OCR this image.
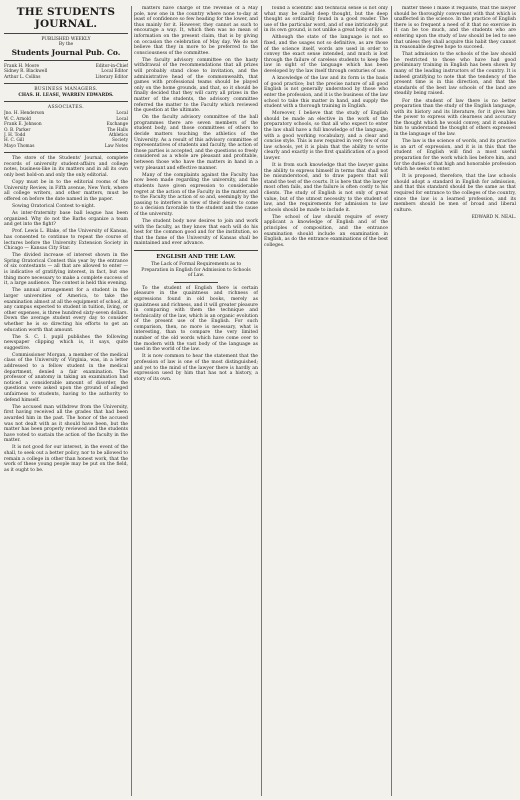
THE STUDENTS JOURNAL.
PUBLISHED WEEKLY
By the
Students Journal Pub. Co.
Frank H. Moore	Editor-in-Chief
Sidney R. Blackwell	Local Editor
Arthur L. Collins	Literary Editor
BUSINESS MANAGERS.
CHAS. H. LEASE, WARREN EDWARDS.
ASSOCIATES.
Jno. H. Henderson	Local
W. C. Arnold	Local
Frank E. Johnson	Exchange
O. B. Parker	The Halls
J. H. Todd	Athletics
H. C. Gill	Society
Mayo Thomas	Law Notes

The store of the Students' Journal, complete records of university student-affairs and college notes, business-like in its matters and in all its own only best hold-on and only the only editorial.

Copy must be in to the editorial rooms of the University Review, in Fifth avenue, New York, where all college writers, and other matters, must be offered on before the date named in the paper.

Sowing Oratorical Contest to-night.

As inter-fraternity base ball league has been organized. Why do not the Barbs organize a team and get into the fight?

Prof. Lewis L. Blake, of the University of Kansas, has consented to continue to repeat the course of lectures before the University Extension Society in Chicago — Kansas City Star.

The divided increase of interest shown in the Spring Oratorical Contest this year by the entrance of six contestants — all that are allowed to enter — is indicative of gratifying interest, in fact, but one thing more necessary to make a complete success of it, a large audience. The contest is held this evening.

The annual arrangement for a student in the larger universities of America, to take the examination almost at all the equipment of school, at any campus expected to student in tuition, living, or other expenses, is three hundred sixty-seven dollars. Down the average student every day to consider whether he is so directing his efforts to get an education worth that amount.

The S. C. I. pupil publishes the following newspaper clipping which is, it says, quite suggestive.

Commissioner Morgan, a member of the medical class of the University of Virginia, was, in a letter addressed to a fellow student in the medical department, denied a fair examination. The professor of anatomy in taking an examination had noticed a considerable amount of disorder, the questions were asked upon the ground of alleged unfairness to students, having to the authority to defend himself.

The accused man withdrew from the University, first having received all the grades that had been awarded him in the past. The honor of the accused was not dealt with as it should have been, but the matter has been properly reviewed and the students have voted to sustain the action of the faculty in the matter.

It is not good for our interest, in the event of the shall, to seek out a better policy, nor to be allowed to remain a college in other than honest work, that the work of these young people may be put on the field, as it ought to be.

matters have charge of the revenue of a May pole, now one in the country where none to-day at least of confidence so few heading for the lower, and thus mainly for it. However, they cannot as such to encourage a way. It, which then was no mean of information on the present claim, that is by giving on occasion the celebration of May day. We do not believe that they in more to be preferred to the consciousness of the committee.

The faculty advisory committee on the hasty withdrawal of the recommendations that all prizes will probably stand close to invitation, and the administrative head of the commonwealth, that games with professional teams should be played only on the home grounds, and that, so it should be finally decided that they will carry all prizes in the matter of the students, the advisory committee referred the matter to the Faculty which reviewed the question at the ultimate.

On the faculty advisory committee of the ball programmes there are seven members of the student body, and those committees of others to decide matters touching the athletics of the University. As a result of this advisory committee of representatives of students and faculty, the action of those parties is accepted, and the questions so freely considered as a whole are pleasant and profitable, between those who have the matters in hand in a very pleasant and effective manner.

Many of the complaints against the Faculty has now been made regarding the university, and the students have given expression to considerable regret at the action of the Faculty in the matter, and to the Faculty the action of so and, seemingly by the passing to interfere in view of their desire to come to a decision favorable to the student and the cause of the university.

The student body now desires to join and work with the faculty, as they know that each will do his best for the common good and for the institution, so that the fame of the University of Kansas shall be maintained and ever advance.

ENGLISH AND THE LAW.
The Lack of Formal Requirements as to Preparation in English for Admission to Schools of Law.

To the student of English there is certain pleasure in the quaintness and richness of expressions found in old books, merely as quaintness and richness, and it will greater pleasure in comparing with them the technique and technicality of the law, which is an organic evolution of the present use of the English. For such comparison, then, no more is necessary, what is interesting, than to compare the very limited number of the old words which have come over to the modern with the vast body of the language as used in the world of the law.

It is now common to hear the statement that the profession of law is one of the most distinguished; and yet to the mind of the lawyer there is hardly an expression used by him that has not a history, a story of its own.

found a scientific and technical sense is not only what may be called deep thought, but the deep thought as ordinarily found in a good reader. The use of the particular word, and of one intricately put in its own ground, is not unlike a great body of life.

Although the state of the language is not so fixed, and the usages not so definitive, as are those of the science itself, words are used in order to convey the exact sense intended, and much is lost through the failure of careless students to keep the law in sight of the language which has been developed by the law itself through centuries of use.

A knowledge of the law and its form is the basis of good practice; but the precise nature of all good English is not generally understood by those who enter the profession, and it is the business of the law school to take this matter in hand, and supply the student with a thorough training in English.

Moreover, I believe that the study of English should be made an elective in the work of the preparatory schools, so that all who expect to enter the law shall have a full knowledge of the language, with a good working vocabulary, and a clear and concise style. This is now required in very few of our law schools, yet it is plain that the ability to write clearly and exactly is the first qualification of a good lawyer.

It is from such knowledge that the lawyer gains the ability to express himself in terms that shall not be misunderstood, and to draw papers that will stand the test of the courts. It is here that the lawyer most often fails, and the failure is often costly to his clients. The study of English is not only of great value, but of the utmost necessity to the student of law, and the requirements for admission to law schools should be made to include it.

The school of law should require of every applicant a knowledge of English and of the principles of composition, and the entrance examination should include an examination in English, as do the entrance examinations of the best colleges.

matter these I make it requisite, that the lawyer should be thoroughly conversant with that which is unaffected in the science. In the practice of English there is so frequent a need of it that no exercise in it can be too much, and the students who are entering upon the study of law should be led to see that unless they shall acquire this habit they cannot in reasonable degree hope to succeed.

That admission to the schools of the law should be restricted to those who have had good preliminary training in English has been shown by many of the leading instructors of the country. It is indeed gratifying to note that the tendency of the present time is in this direction, and that the standards of the best law schools of the land are steadily being raised.

For the student of law there is no better preparation than the study of the English language, with its history and its literature, for it gives him the power to express with clearness and accuracy the thought which he would convey, and it enables him to understand the thought of others expressed in the language of the law.

The law is the science of words, and its practice is an art of expression, and it is in this that the student of English will find a most useful preparation for the work which lies before him, and for the duties of that high and honorable profession which he seeks to enter.

It is proposed, therefore, that the law schools should adopt a standard in English for admission, and that this standard should be the same as that required for entrance to the colleges of the country, since the law is a learned profession, and its members should be men of broad and liberal culture.

EDWARD N. NEAL.
